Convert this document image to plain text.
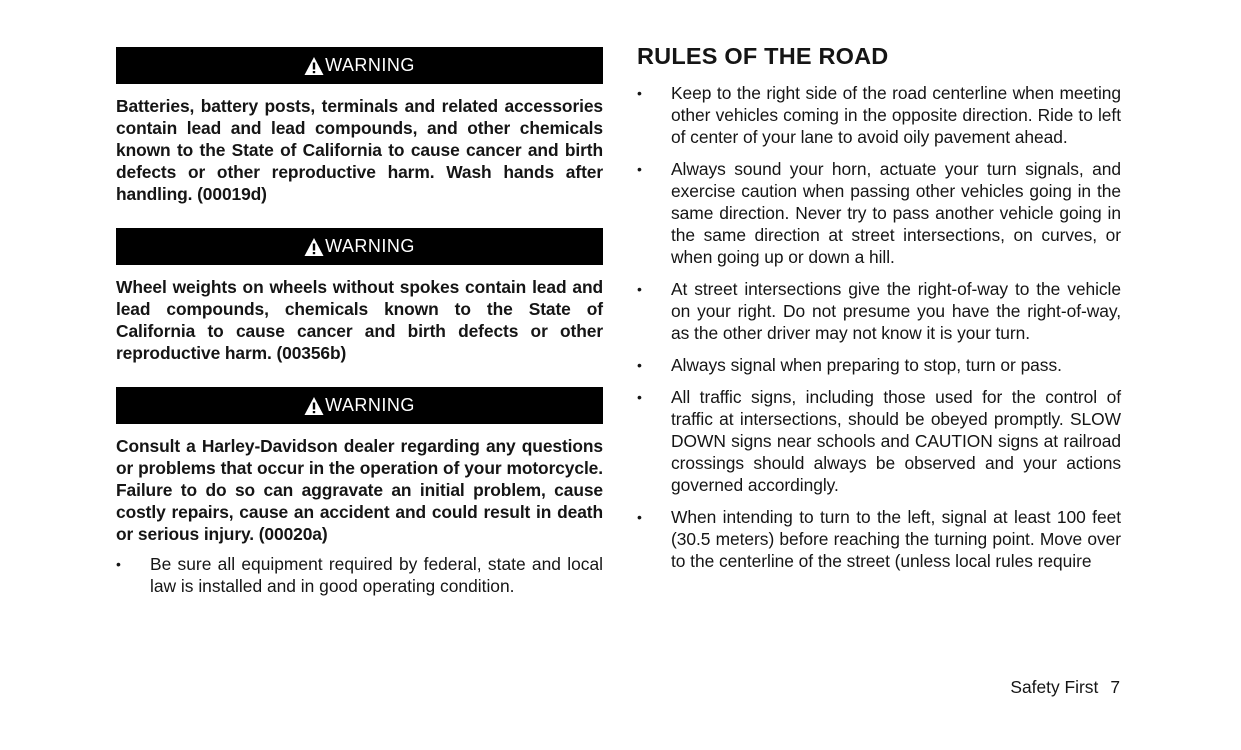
WARNING

Batteries, battery posts, terminals and related accessories contain lead and lead compounds, and other chemicals known to the State of California to cause cancer and birth defects or other reproductive harm. Wash hands after handling. (00019d)

WARNING

Wheel weights on wheels without spokes contain lead and lead compounds, chemicals known to the State of California to cause cancer and birth defects or other reproductive harm. (00356b)

WARNING

Consult a Harley-Davidson dealer regarding any questions or problems that occur in the operation of your motorcycle. Failure to do so can aggravate an initial problem, cause costly repairs, cause an accident and could result in death or serious injury. (00020a)

• Be sure all equipment required by federal, state and local law is installed and in good operating condition.
RULES OF THE ROAD
• Keep to the right side of the road centerline when meeting other vehicles coming in the opposite direction. Ride to left of center of your lane to avoid oily pavement ahead.
• Always sound your horn, actuate your turn signals, and exercise caution when passing other vehicles going in the same direction. Never try to pass another vehicle going in the same direction at street intersections, on curves, or when going up or down a hill.
• At street intersections give the right-of-way to the vehicle on your right. Do not presume you have the right-of-way, as the other driver may not know it is your turn.
• Always signal when preparing to stop, turn or pass.
• All traffic signs, including those used for the control of traffic at intersections, should be obeyed promptly. SLOW DOWN signs near schools and CAUTION signs at railroad crossings should always be observed and your actions governed accordingly.
• When intending to turn to the left, signal at least 100 feet (30.5 meters) before reaching the turning point. Move over to the centerline of the street (unless local rules require
Safety First 7
